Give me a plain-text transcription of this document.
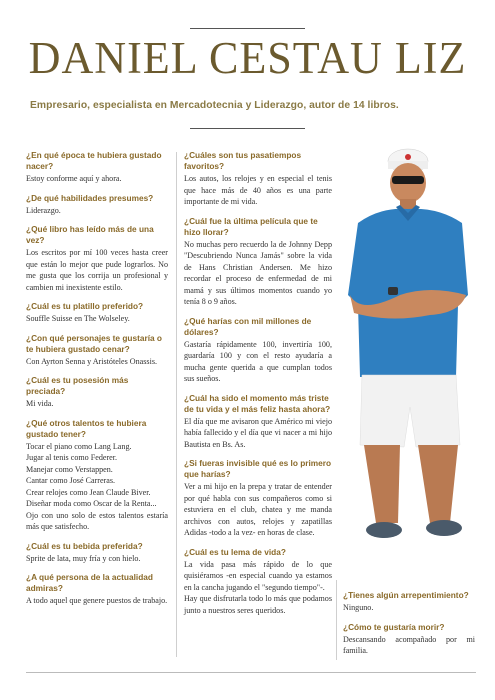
DANIEL CESTAU LIZ
Empresario, especialista en Mercadotecnia y Liderazgo, autor de 14 libros.

¿En qué época te hubiera gustado nacer?

Estoy conforme aquí y ahora.

¿De qué habilidades presumes?

Liderazgo.

¿Qué libro has leído más de una vez?

Los escritos por mí 100 veces hasta creer que están lo mejor que pude lograrlos. No me gusta que los corrija un profesional y cambien mi inexistente estilo.

¿Cuál es tu platillo preferido?

Souffle Suisse en The Wolseley.

¿Con qué personajes te gustaría o te hubiera gustado cenar?

Con Ayrton Senna y Aristóteles Onassis.

¿Cuál es tu posesión más preciada?

Mi vida.

¿Qué otros talentos te hubiera gustado tener?

Tocar el piano como Lang Lang.
Jugar al tenis como Federer.
Manejar como Verstappen.
Cantar como José Carreras.
Crear relojes como Jean Claude Biver.
Diseñar moda como Oscar de la Renta...
Ojo con uno solo de estos talentos estaría más que satisfecho.

¿Cuál es tu bebida preferida?

Sprite de lata, muy fría y con hielo.

¿A qué persona de la actualidad admiras?

A todo aquel que genere puestos de trabajo.

¿Cuáles son tus pasatiempos favoritos?

Los autos, los relojes y en especial el tenis que hace más de 40 años es una parte importante de mi vida.

¿Cuál fue la última película que te hizo llorar?

No muchas pero recuerdo la de Johnny Depp "Descubriendo Nunca Jamás" sobre la vida de Hans Christian Andersen. Me hizo recordar el proceso de enfermedad de mi mamá y sus últimos momentos cuando yo tenía 8 o 9 años.

¿Qué harías con mil millones de dólares?

Gastaría rápidamente 100, invertiría 100, guardaría 100 y con el resto ayudaría a mucha gente querida a que cumplan todos sus sueños.

¿Cuál ha sido el momento más triste de tu vida y el más feliz hasta ahora?

El día que me avisaron que Américo mi viejo había fallecido y el día que vi nacer a mi hijo Bautista en Bs. As.

¿Si fueras invisible qué es lo primero que harías?

Ver a mi hijo en la prepa y tratar de entender por qué habla con sus compañeros como si estuviera en el club, chatea y me manda archivos con autos, relojes y zapatillas Adidas -todo a la vez- en horas de clase.

¿Cuál es tu lema de vida?

La vida pasa más rápido de lo que quisiéramos -en especial cuando ya estamos en la cancha jugando el "segundo tiempo"-.
Hay que disfrutarla todo lo más que podamos junto a nuestros seres queridos.

¿Tienes algún arrepentimiento?

Ninguno.

¿Cómo te gustaría morir?

Descansando acompañado por mi familia.
